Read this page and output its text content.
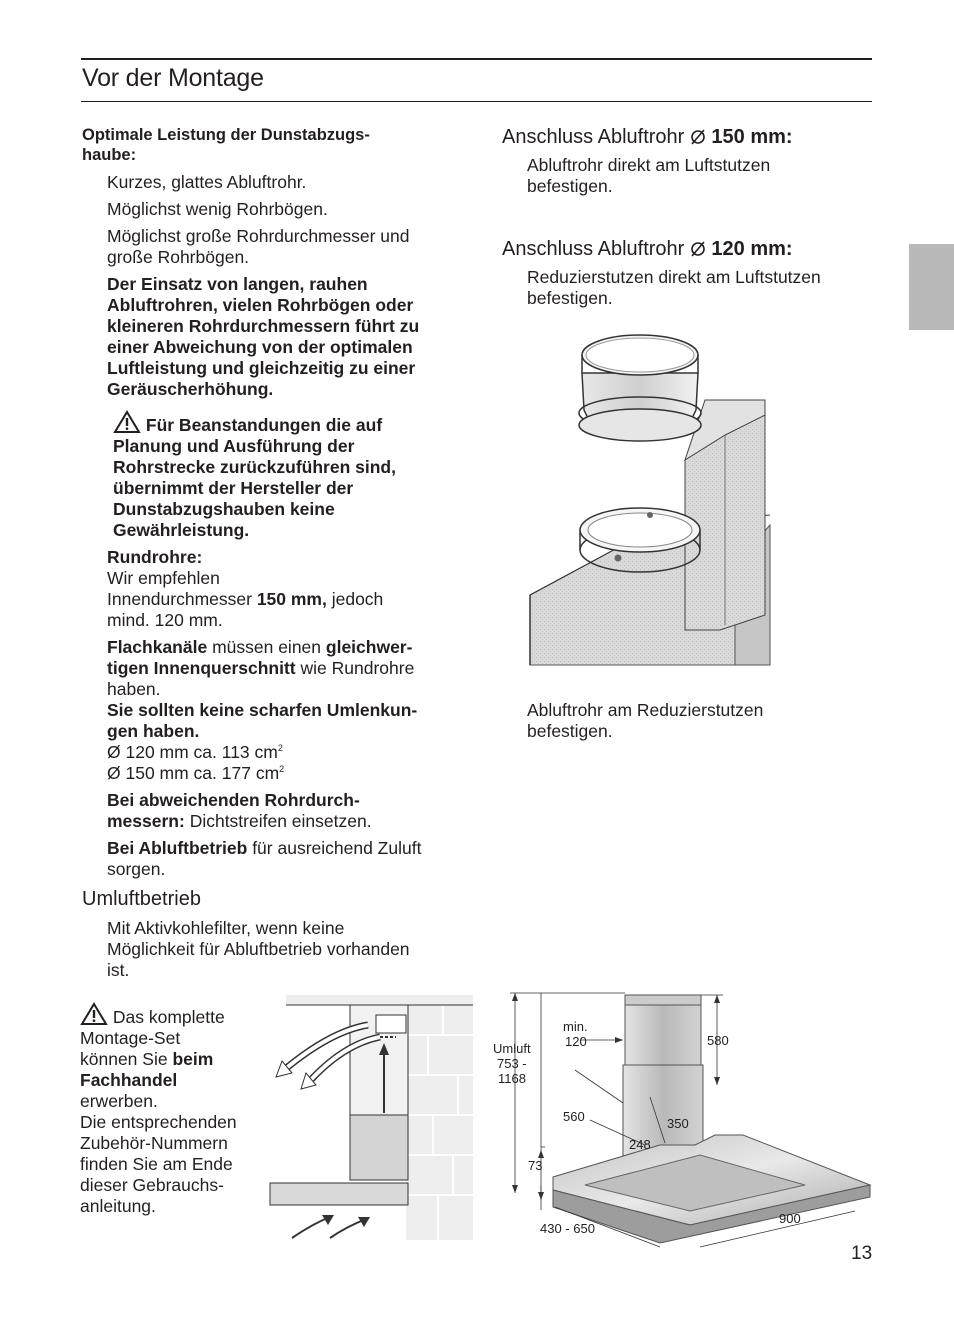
Vor der Montage
Optimale Leistung der Dunstabzugs-
haube:
Kurzes, glattes Abluftrohr.
Möglichst wenig Rohrbögen.
Möglichst große Rohrdurchmesser und
große Rohrbögen.
Der Einsatz von langen, rauhen
Abluftrohren, vielen Rohrbögen oder
kleineren Rohrdurchmessern führt zu
einer Abweichung von der optimalen
Luftleistung und gleichzeitig zu einer
Geräuscherhöhung.
Für Beanstandungen die auf
Planung und Ausführung der
Rohrstrecke zurückzuführen sind,
übernimmt der Hersteller der
Dunstabzugshauben keine
Gewährleistung.
Rundrohre:
Wir empfehlen
Innendurchmesser 150 mm, jedoch
mind. 120 mm.
Flachkanäle müssen einen gleichwer-
tigen Innenquerschnitt wie Rundrohre
haben.
Sie sollten keine scharfen Umlenkun-
gen haben.
Ø 120 mm ca. 113 $cm^2$
Ø 150 mm ca. 177 $cm^2$
Bei abweichenden Rohrdurch-
messern: Dichtstreifen einsetzen.
Bei Abluftbetrieb für ausreichend Zuluft
sorgen.
Umluftbetrieb
Mit Aktivkohlefilter, wenn keine
Möglichkeit für Abluftbetrieb vorhanden
ist.
Das komplette
Montage-Set
können Sie beim
Fachhandel
erwerben.
Die entsprechenden
Zubehör-Nummern
finden Sie am Ende
dieser Gebrauchs-
anleitung.
Anschluss Abluftrohr  150 mm:
Abluftrohr direkt am Luftstutzen
befestigen.
Anschluss Abluftrohr  120 mm:
Reduzierstutzen direkt am Luftstutzen
befestigen.
Abluftrohr am Reduzierstutzen
befestigen.
min.
120
Umluft
753 -
1168
580
560	350
248
73
430 - 650
900
13
